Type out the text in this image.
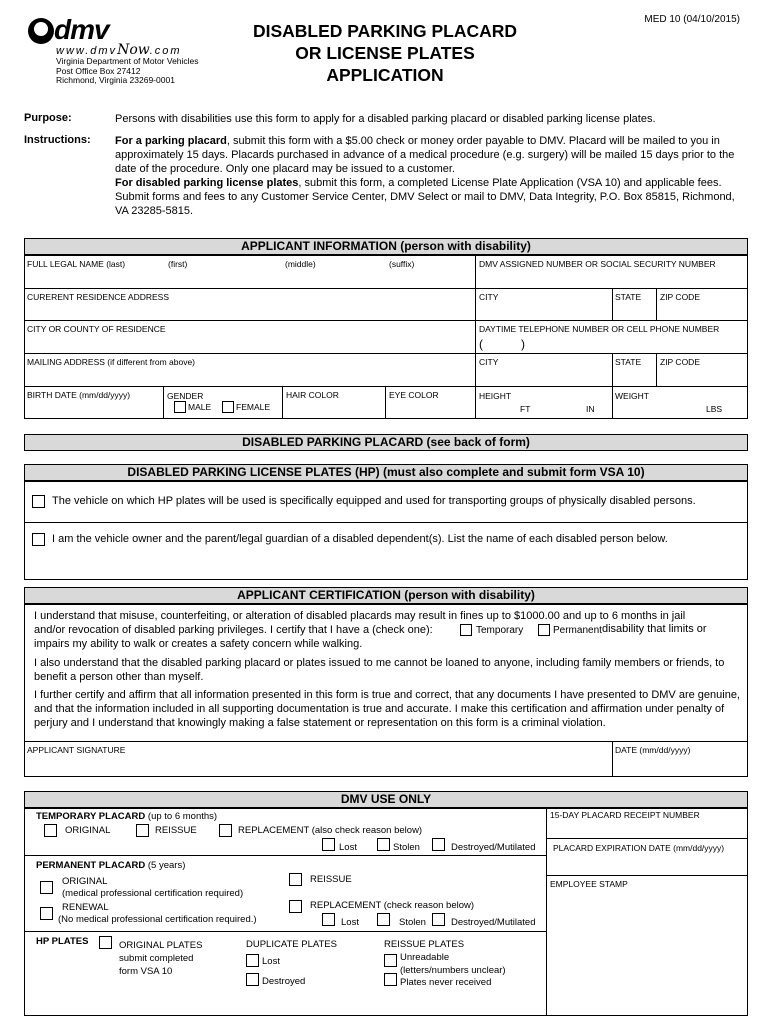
dmv
www.dmvNow.com
Virginia Department of Motor Vehicles
Post Office Box 27412
Richmond, Virginia 23269-0001
DISABLED PARKING PLACARD
OR LICENSE PLATES
APPLICATION
MED 10 (04/10/2015)
Purpose:	Persons with disabilities use this form to apply for a disabled parking placard or disabled parking license plates.
Instructions: For a parking placard, submit this form with a $5.00 check or money order payable to DMV. Placard will be mailed to you in approximately 15 days. Placards purchased in advance of a medical procedure (e.g. surgery) will be mailed 15 days prior to the date of the procedure. Only one placard may be issued to a customer.
For disabled parking license plates, submit this form, a completed License Plate Application (VSA 10) and applicable fees. Submit forms and fees to any Customer Service Center, DMV Select or mail to DMV, Data Integrity, P.O. Box 85815, Richmond, VA 23285-5815.
APPLICANT INFORMATION (person with disability)
FULL LEGAL NAME (last)	(first)	(middle)	(suffix)	DMV ASSIGNED NUMBER OR SOCIAL SECURITY NUMBER
CURERENT RESIDENCE ADDRESS	CITY	STATE ZIP CODE
CITY OR COUNTY OF RESIDENCE	DAYTIME TELEPHONE NUMBER OR CELL PHONE NUMBER
(	)
MAILING ADDRESS (if different from above)	CITY	STATE ZIP CODE
BIRTH DATE (mm/dd/yyyy)	GENDER
MALE	FEMALE
HAIR COLOR	EYE COLOR	HEIGHT
FT	IN
WEIGHT
LBS
DISABLED PARKING PLACARD (see back of form)
DISABLED PARKING LICENSE PLATES (HP) (must also complete and submit form VSA 10)
The vehicle on which HP plates will be used is specifically equipped and used for transporting groups of physically disabled persons.
I am the vehicle owner and the parent/legal guardian of a disabled dependent(s). List the name of each disabled person below.
APPLICANT CERTIFICATION (person with disability)
I understand that misuse, counterfeiting, or alteration of disabled placards may result in fines up to $1000.00 and up to 6 months in jail
and/or revocation of disabled parking privileges. I certify that I have a (check one):
impairs my ability to walk or creates a safety concern while walking.
Temporary	Permanent disability that limits or
I also understand that the disabled parking placard or plates issued to me cannot be loaned to anyone, including family members or friends, to benefit a person other than myself.
I further certify and affirm that all information presented in this form is true and correct, that any documents I have presented to DMV are genuine, and that the information included in all supporting documentation is true and accurate. I make this certification and affirmation under penalty of perjury and I understand that knowingly making a false statement or representation on this form is a criminal violation.
APPLICANT SIGNATURE	DATE (mm/dd/yyyy)
DMV USE ONLY
TEMPORARY PLACARD (up to 6 months)
ORIGINAL	REISSUE	REPLACEMENT (also check reason below)
Lost	Stolen	Destroyed/Mutilated
PERMANENT PLACARD (5 years)
ORIGINAL
(medical professional certification required)
REISSUE
RENEWAL
(No medical professional certification required.)
REPLACEMENT (check reason below)
Lost	Stolen	Destroyed/Mutilated
HP PLATES	ORIGINAL PLATES
submit completed
form VSA 10
DUPLICATE PLATES
Lost
Destroyed
REISSUE PLATES
Unreadable
(letters/numbers unclear)
Plates never received
15-DAY PLACARD RECEIPT NUMBER
PLACARD EXPIRATION DATE (mm/dd/yyyy)
EMPLOYEE STAMP
